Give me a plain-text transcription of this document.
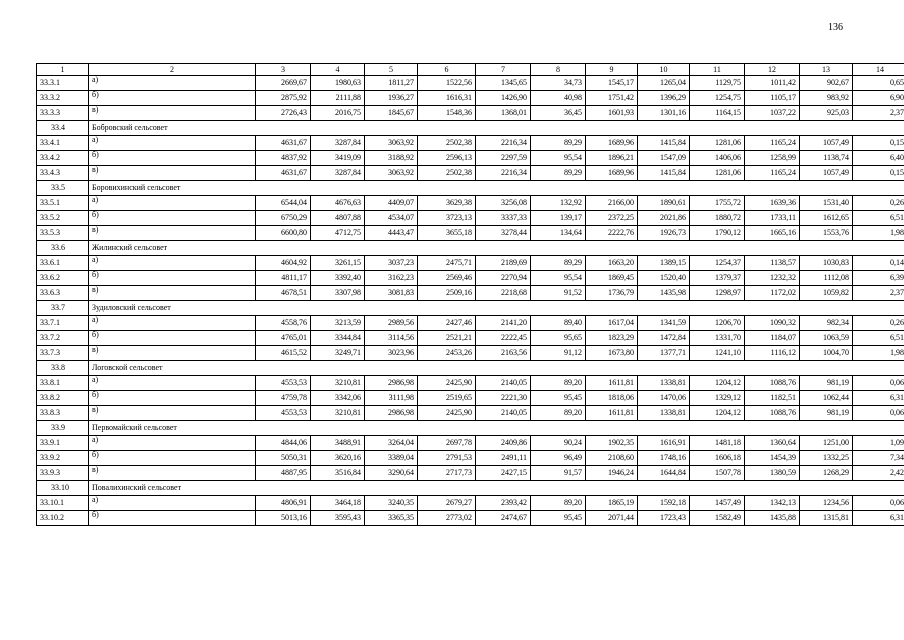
136
1	2	3	4	5	6	7	8	9	10	11	12	13	14
33.3.1	а)	2669,67	1980,63	1811,27	1522,56	1345,65	34,73	1545,17	1265,04	1129,75	1011,42	902,67	0,65
33.3.2	б)	2875,92	2111,88	1936,27	1616,31	1426,90	40,98	1751,42	1396,29	1254,75	1105,17	983,92	6,90
33.3.3	в)	2726,43	2016,75	1845,67	1548,36	1368,01	36,45	1601,93	1301,16	1164,15	1037,22	925,03	2,37
33.4	Бобровский сельсовет												
33.4.1	а)	4631,67	3287,84	3063,92	2502,38	2216,34	89,29	1689,96	1415,84	1281,06	1165,24	1057,49	0,15
33.4.2	б)	4837,92	3419,09	3188,92	2596,13	2297,59	95,54	1896,21	1547,09	1406,06	1258,99	1138,74	6,40
33.4.3	в)	4631,67	3287,84	3063,92	2502,38	2216,34	89,29	1689,96	1415,84	1281,06	1165,24	1057,49	0,15
33.5	Боровихинский сельсовет												
33.5.1	а)	6544,04	4676,63	4409,07	3629,38	3256,08	132,92	2166,00	1890,61	1755,72	1639,36	1531,40	0,26
33.5.2	б)	6750,29	4807,88	4534,07	3723,13	3337,33	139,17	2372,25	2021,86	1880,72	1733,11	1612,65	6,51
33.5.3	в)	6600,80	4712,75	4443,47	3655,18	3278,44	134,64	2222,76	1926,73	1790,12	1665,16	1553,76	1,98
33.6	Жилинский сельсовет												
33.6.1	а)	4604,92	3261,15	3037,23	2475,71	2189,69	89,29	1663,20	1389,15	1254,37	1138,57	1030,83	0,14
33.6.2	б)	4811,17	3392,40	3162,23	2569,46	2270,94	95,54	1869,45	1520,40	1379,37	1232,32	1112,08	6,39
33.6.3	в)	4678,51	3307,98	3081,83	2509,16	2218,68	91,52	1736,79	1435,98	1298,97	1172,02	1059,82	2,37
33.7	Зудиловский сельсовет												
33.7.1	а)	4558,76	3213,59	2989,56	2427,46	2141,20	89,40	1617,04	1341,59	1206,70	1090,32	982,34	0,26
33.7.2	б)	4765,01	3344,84	3114,56	2521,21	2222,45	95,65	1823,29	1472,84	1331,70	1184,07	1063,59	6,51
33.7.3	в)	4615,52	3249,71	3023,96	2453,26	2163,56	91,12	1673,80	1377,71	1241,10	1116,12	1004,70	1,98
33.8	Логовской сельсовет												
33.8.1	а)	4553,53	3210,81	2986,98	2425,90	2140,05	89,20	1611,81	1338,81	1204,12	1088,76	981,19	0,06
33.8.2	б)	4759,78	3342,06	3111,98	2519,65	2221,30	95,45	1818,06	1470,06	1329,12	1182,51	1062,44	6,31
33.8.3	в)	4553,53	3210,81	2986,98	2425,90	2140,05	89,20	1611,81	1338,81	1204,12	1088,76	981,19	0,06
33.9	Первомайский сельсовет												
33.9.1	а)	4844,06	3488,91	3264,04	2697,78	2409,86	90,24	1902,35	1616,91	1481,18	1360,64	1251,00	1,09
33.9.2	б)	5050,31	3620,16	3389,04	2791,53	2491,11	96,49	2108,60	1748,16	1606,18	1454,39	1332,25	7,34
33.9.3	в)	4887,95	3516,84	3290,64	2717,73	2427,15	91,57	1946,24	1644,84	1507,78	1380,59	1268,29	2,42
33.10	Повалихинский сельсовет												
33.10.1	а)	4806,91	3464,18	3240,35	2679,27	2393,42	89,20	1865,19	1592,18	1457,49	1342,13	1234,56	0,06
33.10.2	б)	5013,16	3595,43	3365,35	2773,02	2474,67	95,45	2071,44	1723,43	1582,49	1435,88	1315,81	6,31
